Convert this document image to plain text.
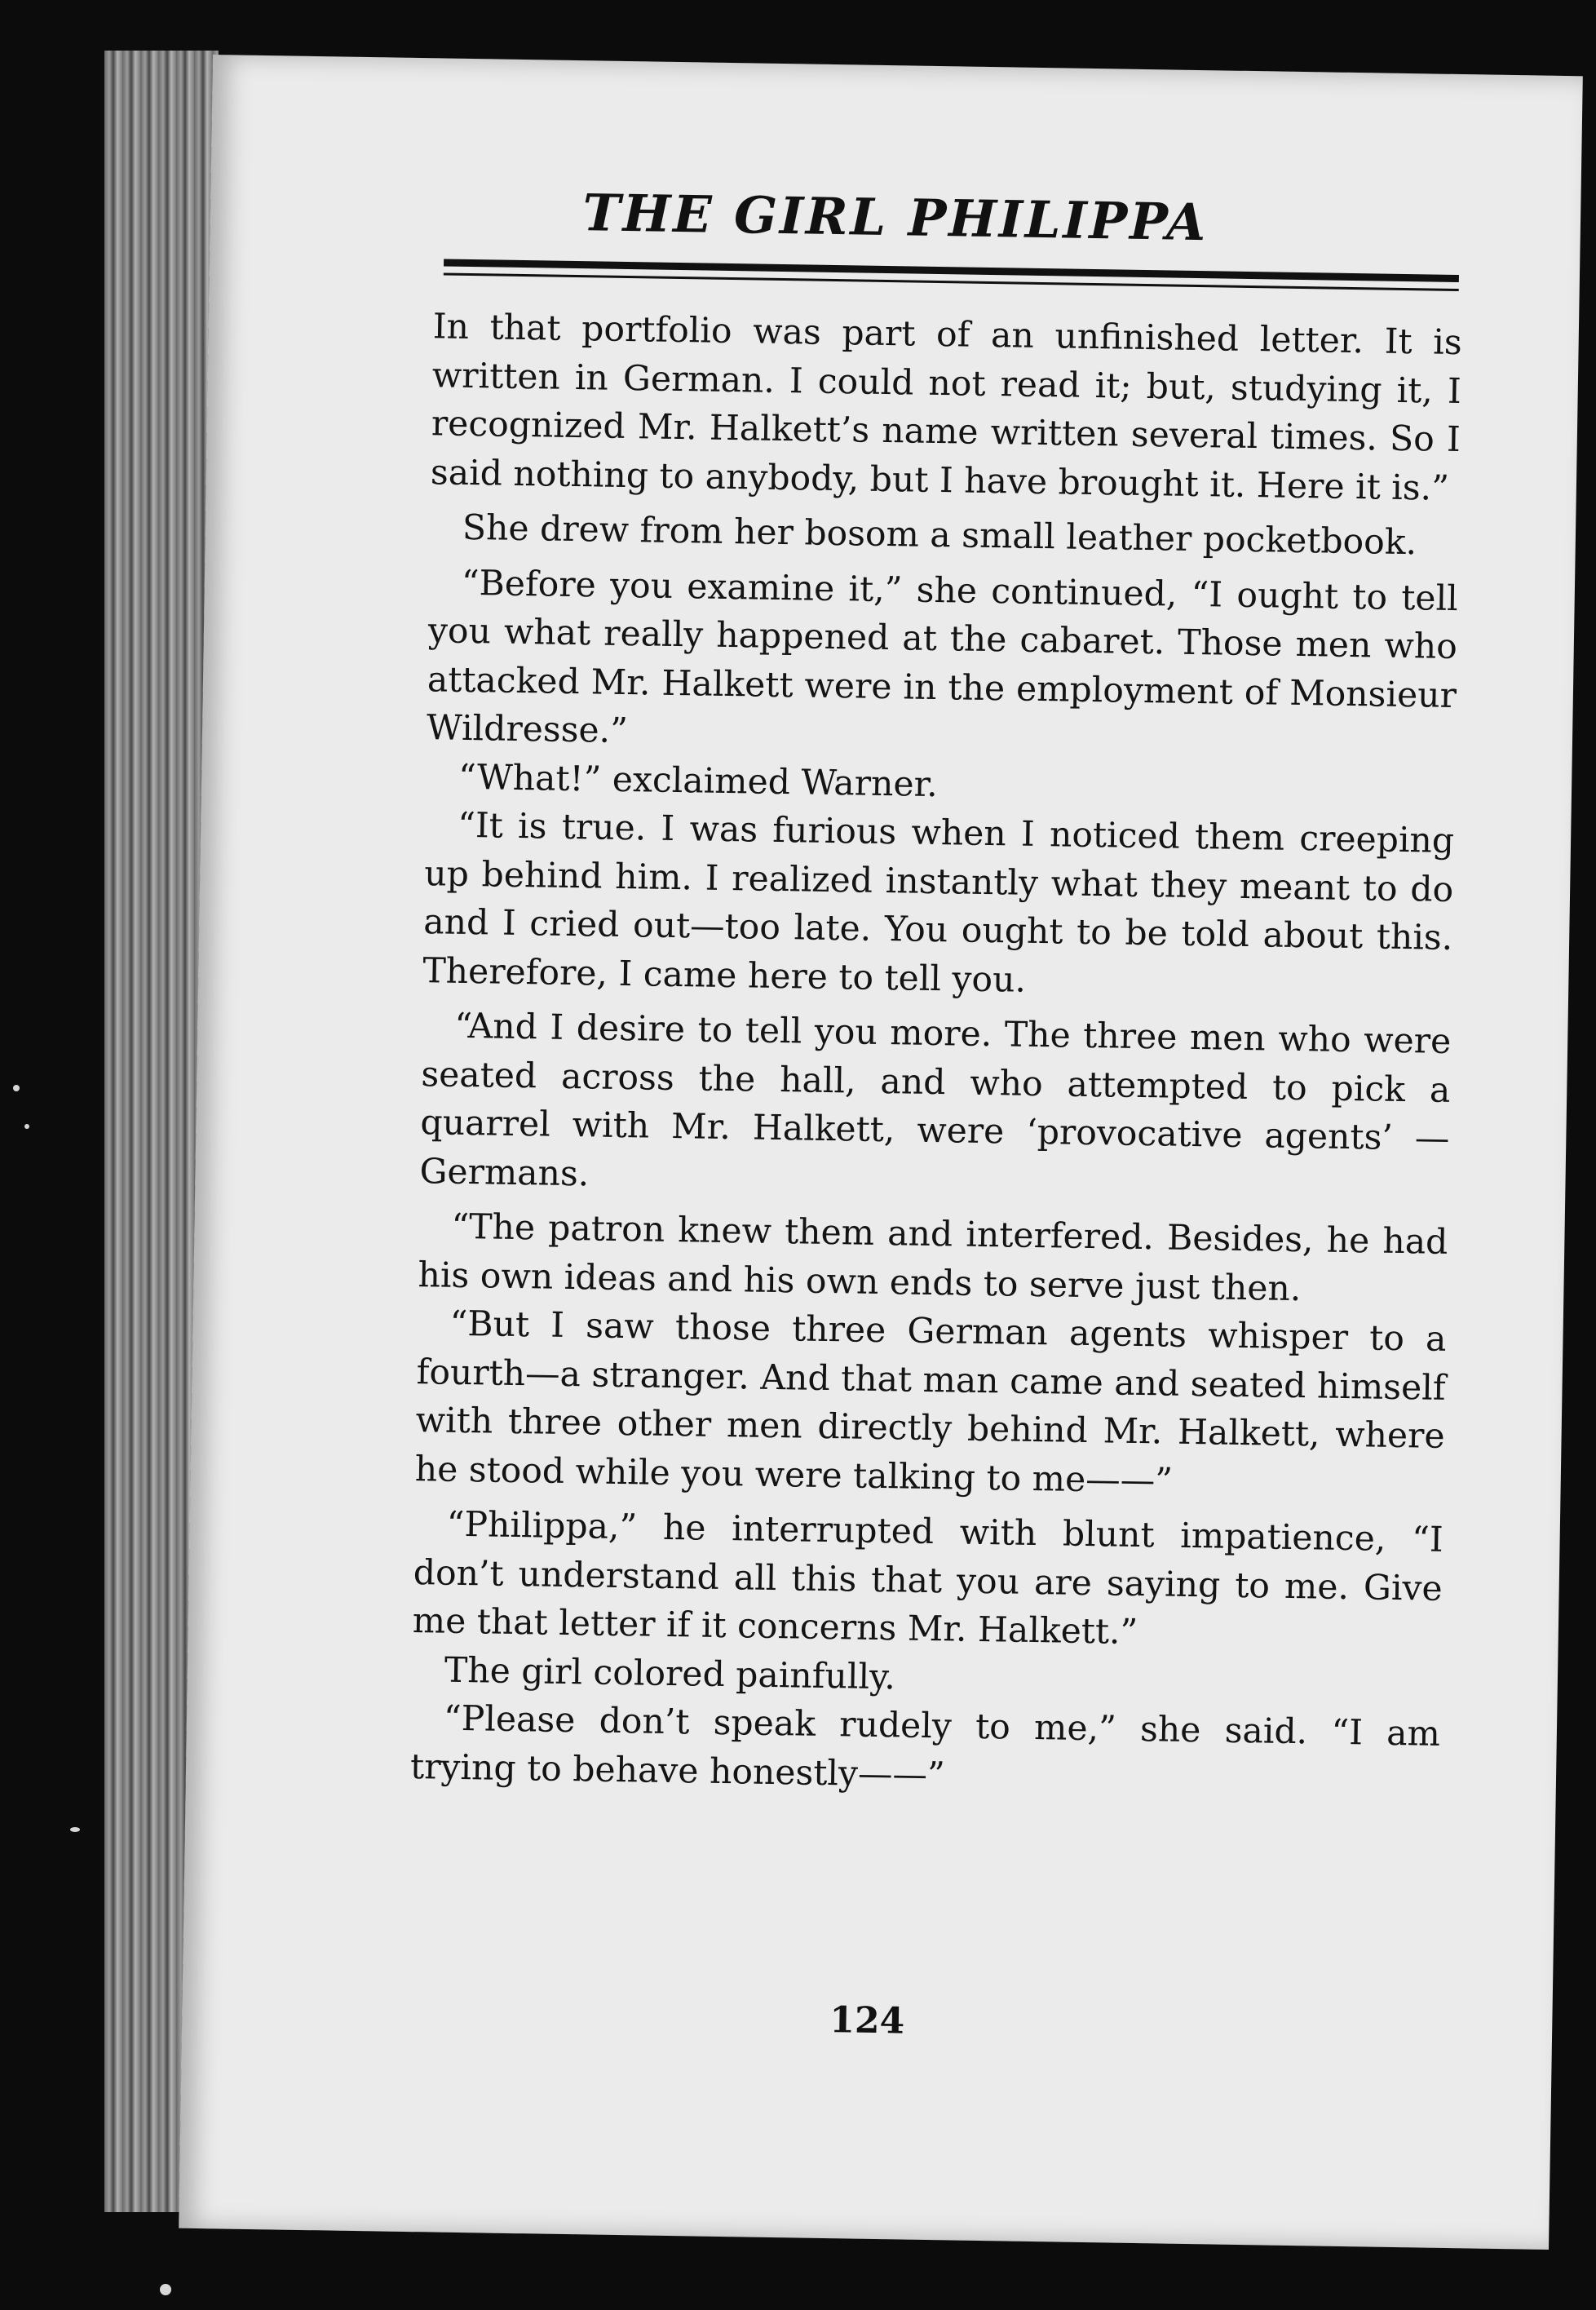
THE GIRL PHILIPPA

In that portfolio was part of an unfinished letter. It is written in German. I could not read it; but, studying it, I recognized Mr. Halkett’s name written several times. So I said nothing to anybody, but I have brought it. Here it is.”

She drew from her bosom a small leather pocketbook.

“Before you examine it,” she continued, “I ought to tell you what really happened at the cabaret. Those men who attacked Mr. Halkett were in the employment of Monsieur Wildresse.”

“What!” exclaimed Warner.

“It is true. I was furious when I noticed them creeping up behind him. I realized instantly what they meant to do and I cried out—too late. You ought to be told about this. Therefore, I came here to tell you.

“And I desire to tell you more. The three men who were seated across the hall, and who attempted to pick a quarrel with Mr. Halkett, were ‘provocative agents’ —Germans.

“The patron knew them and interfered. Besides, he had his own ideas and his own ends to serve just then.

“But I saw those three German agents whisper to a fourth—a stranger. And that man came and seated himself with three other men directly behind Mr. Halkett, where he stood while you were talking to me——”

“Philippa,” he interrupted with blunt impatience, “I don’t understand all this that you are saying to me. Give me that letter if it concerns Mr. Halkett.”

The girl colored painfully.

“Please don’t speak rudely to me,” she said. “I am trying to behave honestly——”

124
